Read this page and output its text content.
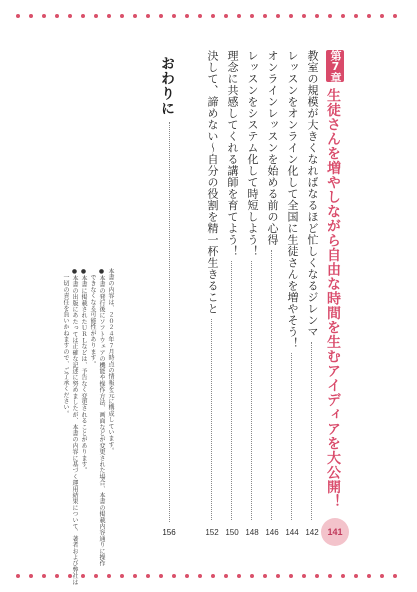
第7章
生徒さんを増やしながら自由な時間を生むアイディアを大公開！
141
教室の規模が大きくなればなるほど忙しくなるジレンマ
142
レッスンをオンライン化して全国に生徒さんを増やそう！
144
オンラインレッスンを始める前の心得
146
レッスンをシステム化して時短しよう！
148
理念に共感してくれる講師を育てよう！
150
決して、諦めない〜自分の役割を精一杯生きること
152
おわりに
156
本書の内容は、２０２４年７月時点の情報を元に構成しています。
●本書の発行後にソフトウェアの機能や操作方法、画面などが変更された場合、本書の掲載内容通りに操作
　できなくなる可能性があります。
●本書に掲載されたＵＲＬなどは、予告なく変更されることがあります。
●本書の出版にあたっては正確な記述に努めましたが、本書の内容に基づく運用結果について、著者および弊社は
　一切の責任を負いかねますので、ご了承ください。
